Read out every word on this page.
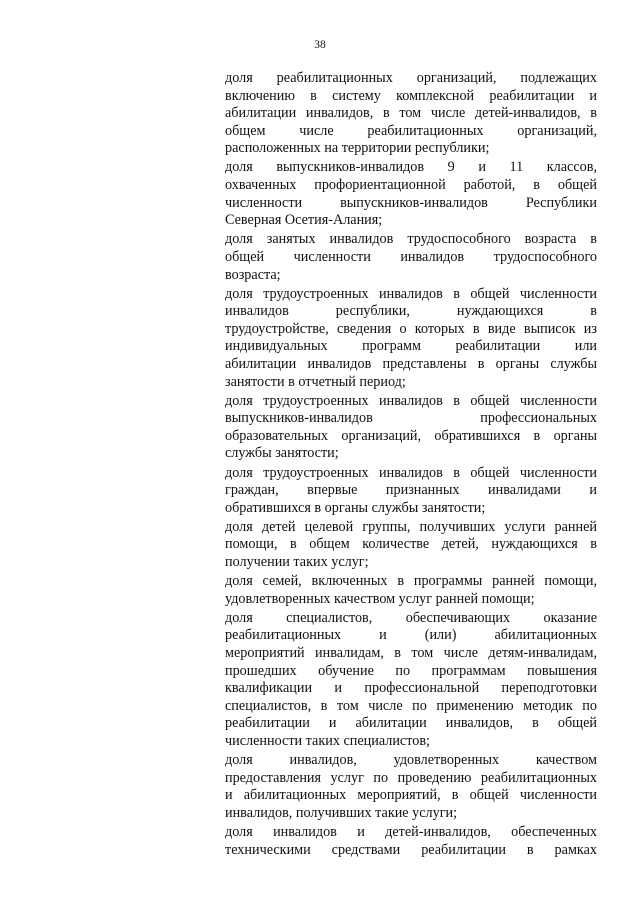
38

доля реабилитационных организаций, подлежащих
включению в систему комплексной реабилитации и
абилитации инвалидов, в том числе детей-инвалидов, в
общем числе реабилитационных организаций,
расположенных на территории республики;

доля выпускников-инвалидов 9 и 11 классов,
охваченных профориентационной работой, в общей
численности выпускников-инвалидов Республики
Северная Осетия-Алания;

доля занятых инвалидов трудоспособного возраста в
общей численности инвалидов трудоспособного
возраста;

доля трудоустроенных инвалидов в общей численности
инвалидов республики, нуждающихся в
трудоустройстве, сведения о которых в виде выписок из
индивидуальных программ реабилитации или
абилитации инвалидов представлены в органы службы
занятости в отчетный период;

доля трудоустроенных инвалидов в общей численности
выпускников-инвалидов профессиональных
образовательных организаций, обратившихся в органы
службы занятости;

доля трудоустроенных инвалидов в общей численности
граждан, впервые признанных инвалидами и
обратившихся в органы службы занятости;

доля детей целевой группы, получивших услуги ранней
помощи, в общем количестве детей, нуждающихся в
получении таких услуг;

доля семей, включенных в программы ранней помощи,
удовлетворенных качеством услуг ранней помощи;

доля специалистов, обеспечивающих оказание
реабилитационных и (или) абилитационных
мероприятий инвалидам, в том числе детям-инвалидам,
прошедших обучение по программам повышения
квалификации и профессиональной переподготовки
специалистов, в том числе по применению методик по
реабилитации и абилитации инвалидов, в общей
численности таких специалистов;

доля инвалидов, удовлетворенных качеством
предоставления услуг по проведению реабилитационных
и абилитационных мероприятий, в общей численности
инвалидов, получивших такие услуги;

доля инвалидов и детей-инвалидов, обеспеченных
техническими средствами реабилитации в рамках
